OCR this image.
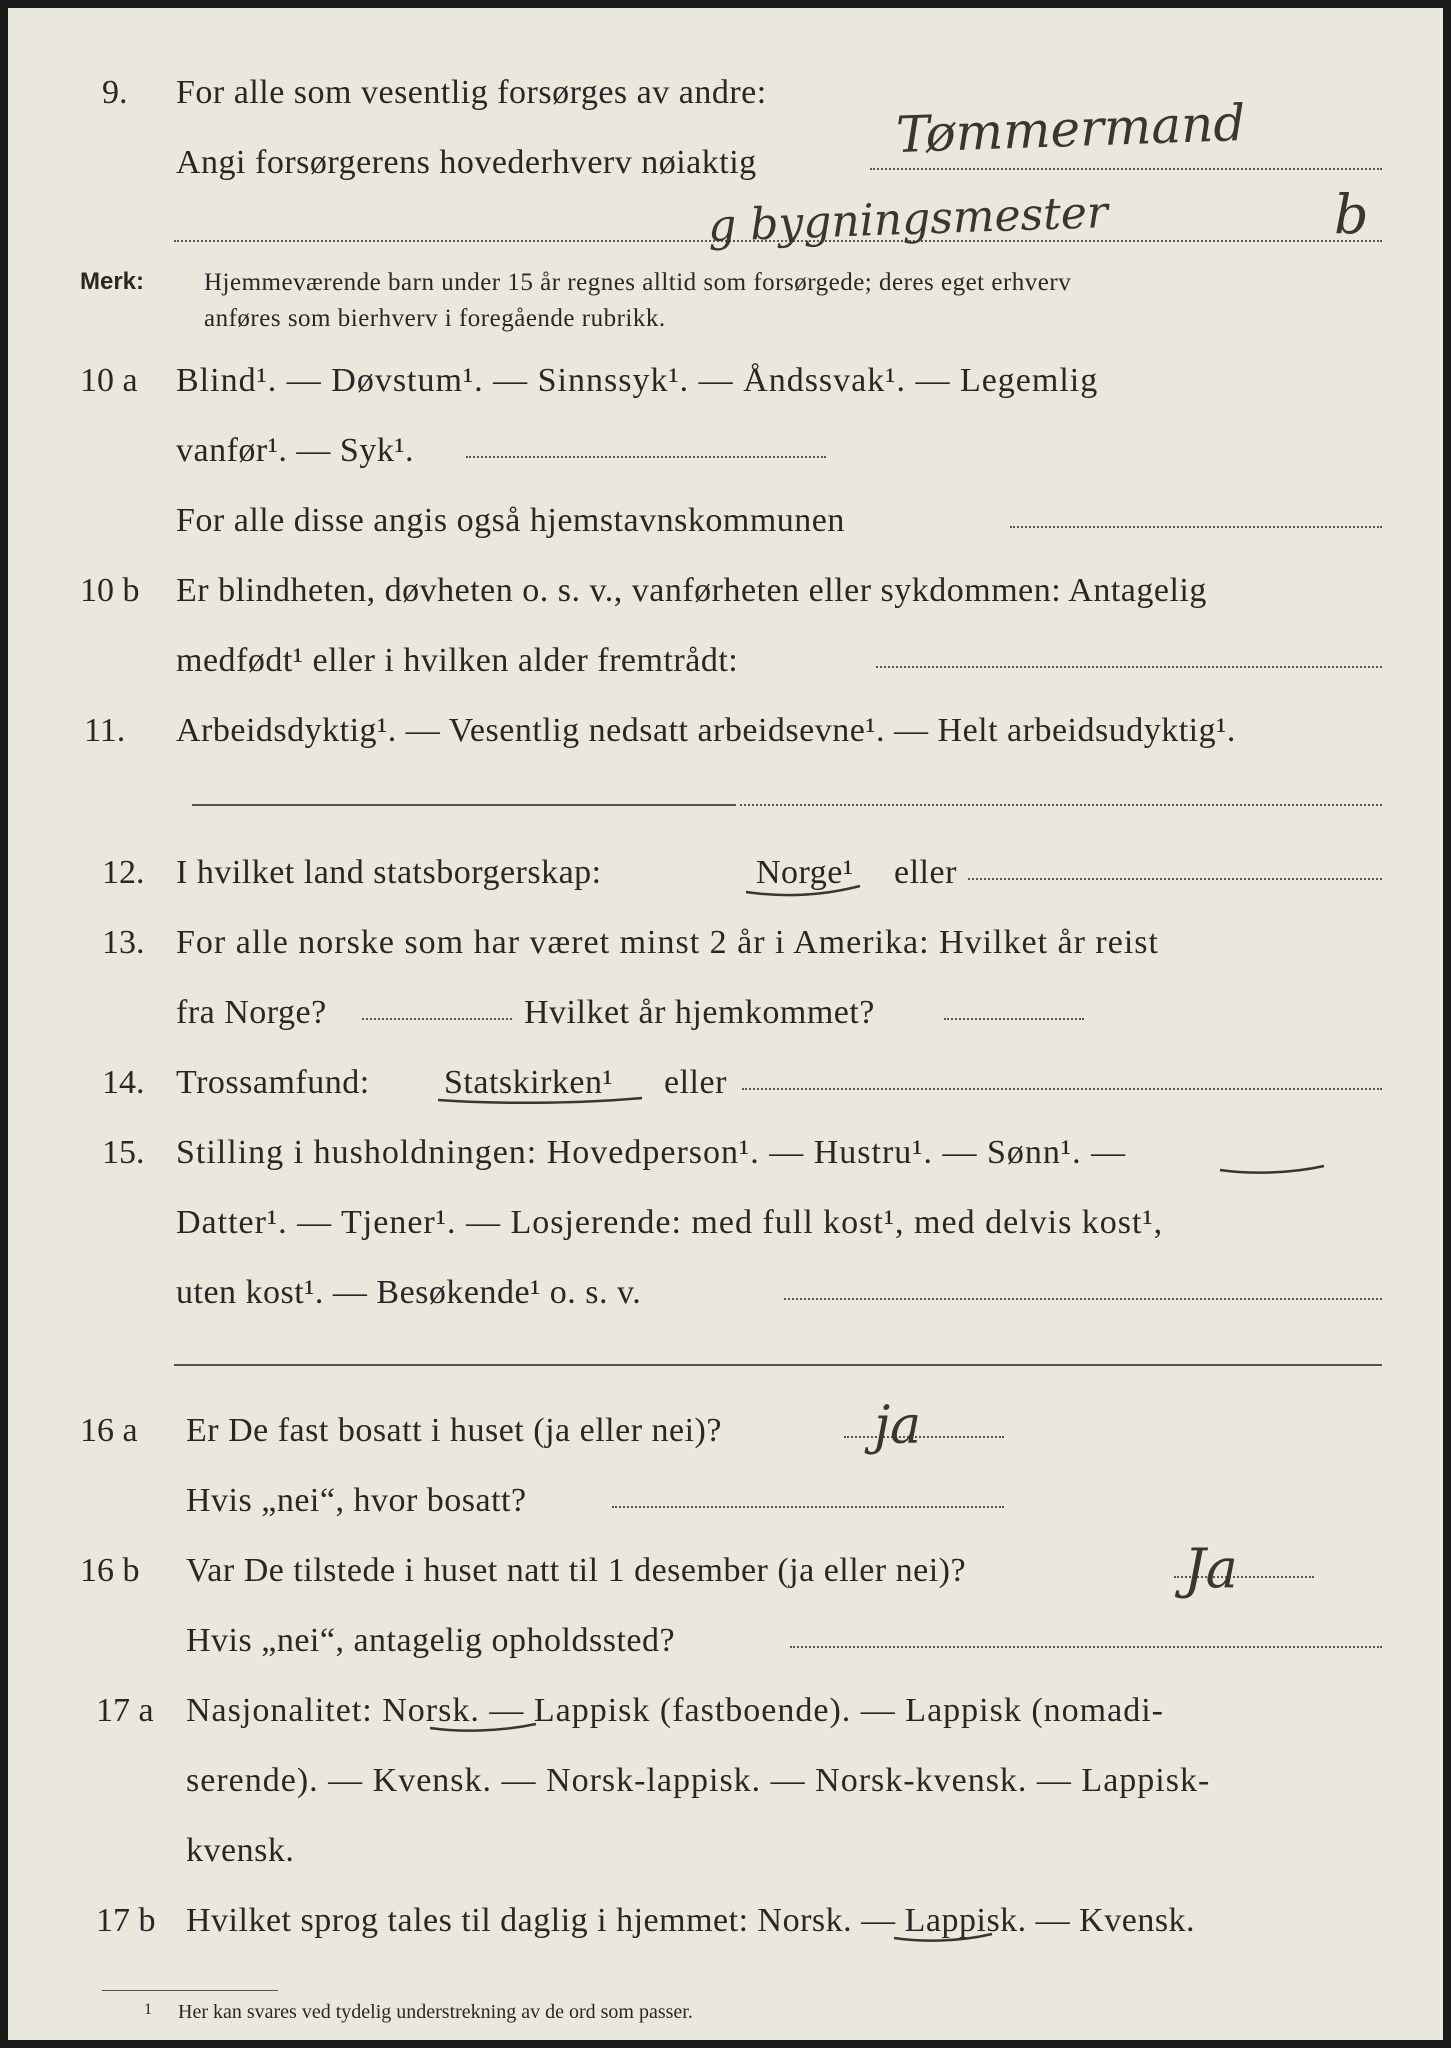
9. For alle som vesentlig forsørges av andre:
Angi forsørgerens hovederhverv nøiaktig	Tømmermand
g bygningsmester	b
Merk: Hjemmeværende barn under 15 år regnes alltid som forsørgede; deres eget erhverv
anføres som bierhverv i foregående rubrikk.
10 a Blind¹. — Døvstum¹. — Sinnssyk¹. — Åndssvak¹. — Legemlig
vanfør¹. — Syk¹.
For alle disse angis også hjemstavnskommunen
10 b Er blindheten, døvheten o. s. v., vanførheten eller sykdommen: Antagelig
medfødt¹ eller i hvilken alder fremtrådt:
11. Arbeidsdyktig¹. — Vesentlig nedsatt arbeidsevne¹. — Helt arbeidsudyktig¹.
12. I hvilket land statsborgerskap:	Norge¹ eller
13. For alle norske som har været minst 2 år i Amerika: Hvilket år reist
fra Norge?	Hvilket år hjemkommet?
14. Trossamfund: Statskirken¹ eller
15. Stilling i husholdningen: Hovedperson¹. — Hustru¹. — Sønn¹. —
Datter¹. — Tjener¹. — Losjerende: med full kost¹, med delvis kost¹,
uten kost¹. — Besøkende¹ o. s. v.
16 a Er De fast bosatt i huset (ja eller nei)?	ja
Hvis „nei“, hvor bosatt?
16 b Var De tilstede i huset natt til 1 desember (ja eller nei)?	Ja
Hvis „nei“, antagelig opholdssted?
17 a Nasjonalitet: Norsk. — Lappisk (fastboende). — Lappisk (nomadi-
serende). — Kvensk. — Norsk-lappisk. — Norsk-kvensk. — Lappisk-
kvensk.
17 b Hvilket sprog tales til daglig i hjemmet: Norsk. — Lappisk. — Kvensk.
1 Her kan svares ved tydelig understrekning av de ord som passer.
